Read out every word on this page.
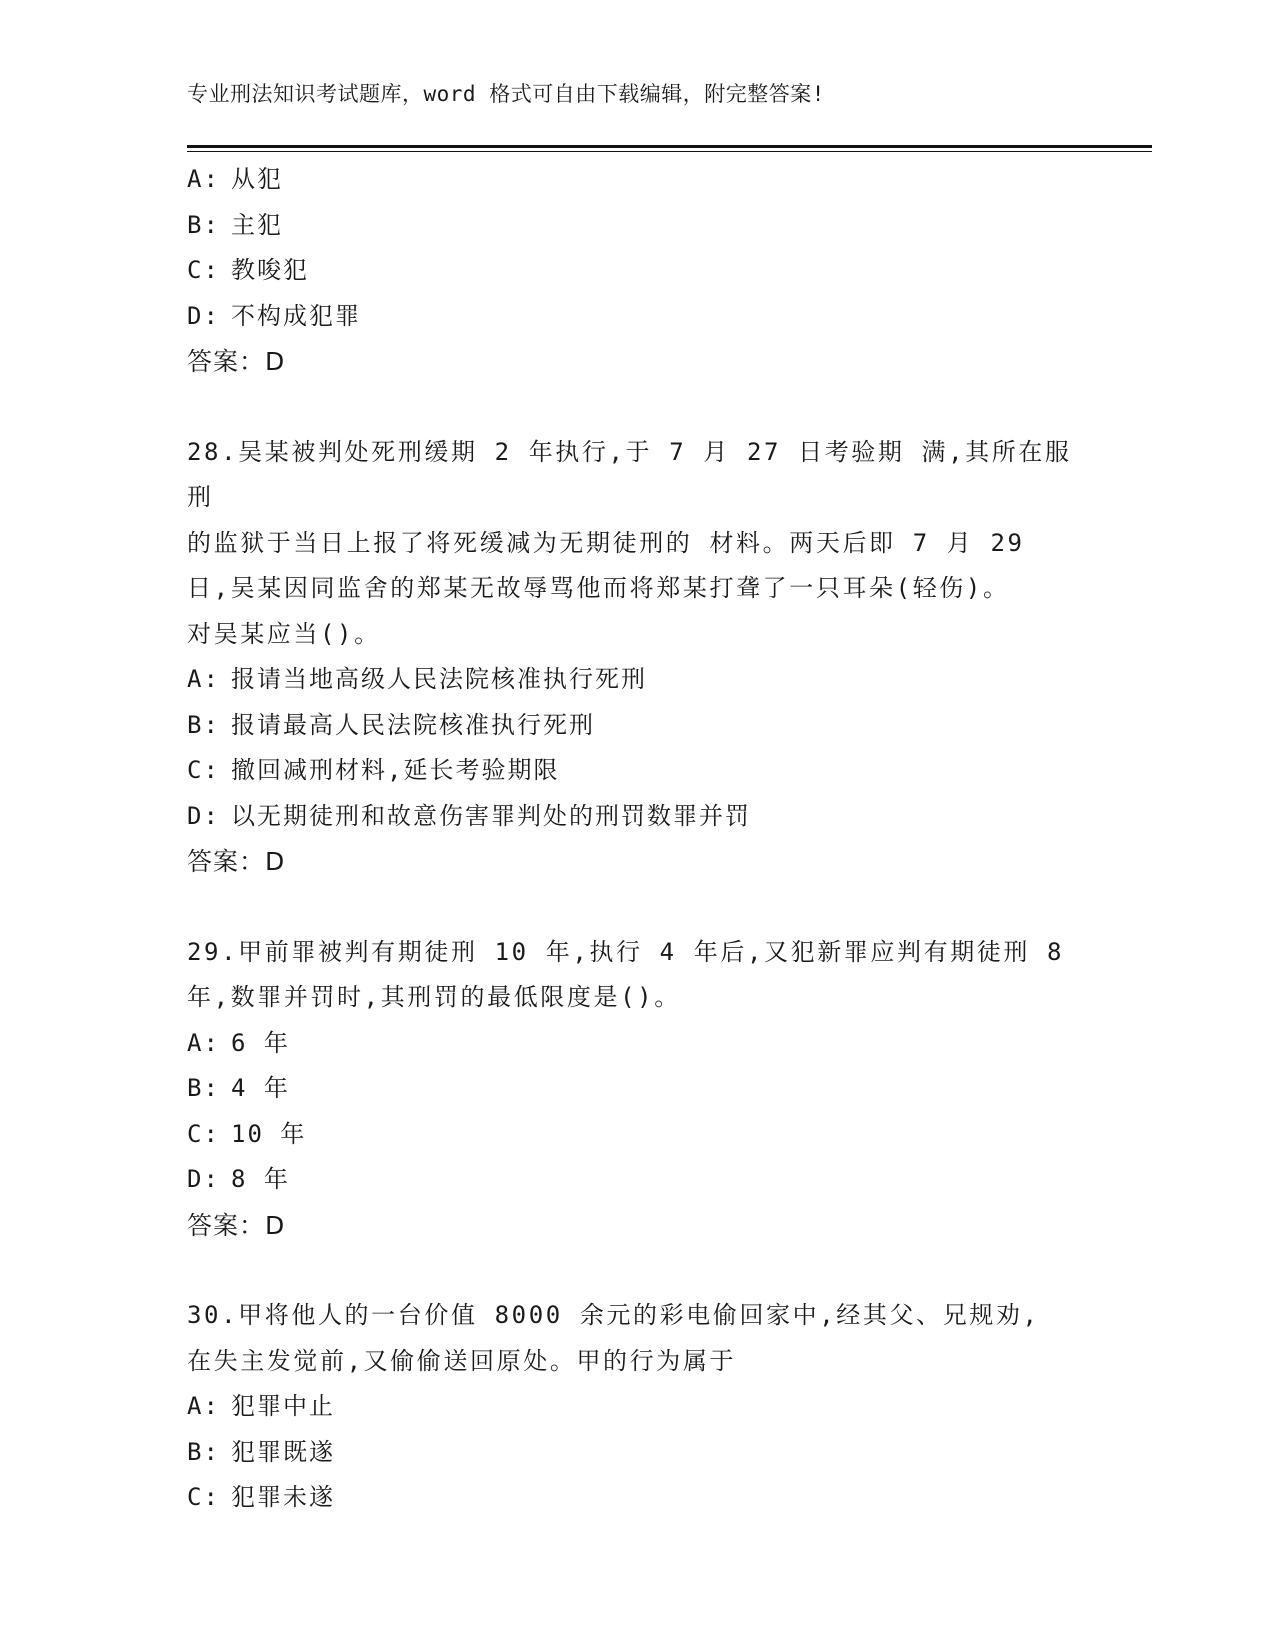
专业刑法知识考试题库，word 格式可自由下载编辑，附完整答案!
A: 从犯
B: 主犯
C: 教唆犯
D: 不构成犯罪
答案：D
28.吴某被判处死刑缓期 2 年执行,于 7 月 27 日考验期 满,其所在服刑
的监狱于当日上报了将死缓减为无期徒刑的 材料。两天后即 7 月 29
日,吴某因同监舍的郑某无故辱骂他而将郑某打聋了一只耳朵(轻伤)。
对吴某应当()。
A: 报请当地高级人民法院核准执行死刑
B: 报请最高人民法院核准执行死刑
C: 撤回减刑材料,延长考验期限
D: 以无期徒刑和故意伤害罪判处的刑罚数罪并罚
答案：D
29.甲前罪被判有期徒刑 10 年,执行 4 年后,又犯新罪应判有期徒刑 8
年,数罪并罚时,其刑罚的最低限度是()。
A: 6 年
B: 4 年
C: 10 年
D: 8 年
答案：D
30.甲将他人的一台价值 8000 余元的彩电偷回家中,经其父、兄规劝,
在失主发觉前,又偷偷送回原处。甲的行为属于
A: 犯罪中止
B: 犯罪既遂
C: 犯罪未遂
